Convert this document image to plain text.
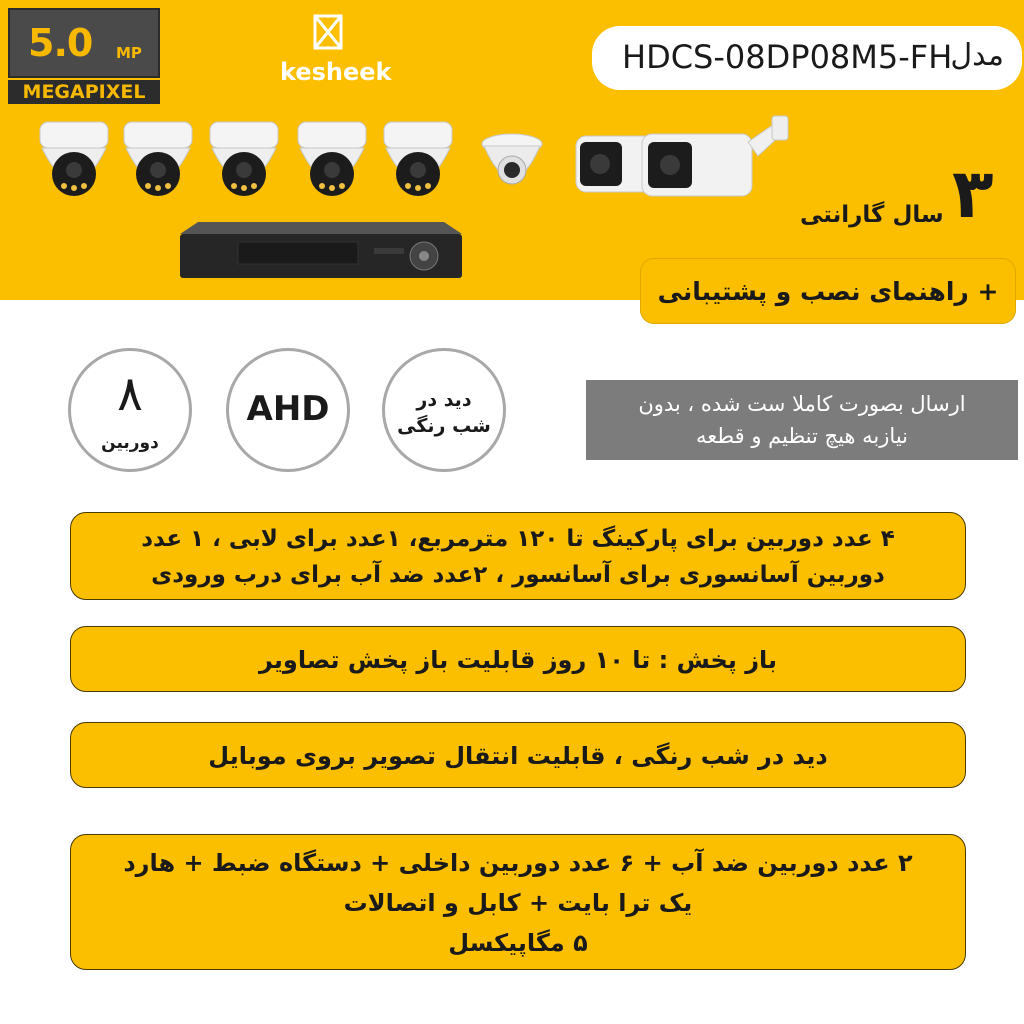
5.0 MP
MEGAPIXEL
kesheek	HDCS-08DP08M5-FH
مدل
۳
سال گارانتی
+ راهنمای نصب و پشتیبانی
۸
دوربین
AHD	دید در
شب رنگی
ارسال بصورت کاملا ست شده ، بدون
نیازبه هیچ تنظیم و قطعه
۴ عدد دوربین برای پارکینگ تا ۱۲۰ مترمربع، ۱عدد برای لابی ، ۱ عدد
دوربین آسانسوری برای آسانسور ، ۲عدد ضد آب برای درب ورودی
باز پخش : تا ۱۰ روز قابلیت باز پخش تصاویر
دید در شب رنگی ، قابلیت انتقال تصویر بروی موبایل
۲ عدد دوربین ضد آب + ۶ عدد دوربین داخلی + دستگاه ضبط + هارد
یک ترا بایت + کابل و اتصالات
۵ مگاپیکسل
